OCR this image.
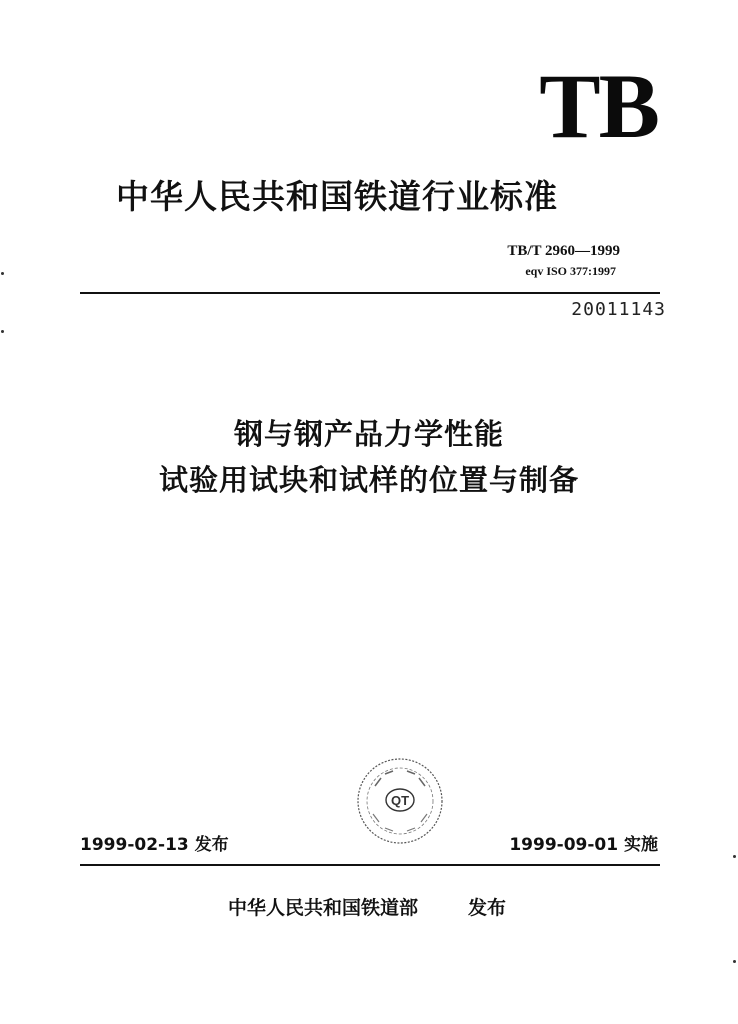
TB
中华人民共和国铁道行业标准
TB/T 2960—1999
eqv ISO 377:1997
20011143
钢与钢产品力学性能
试验用试块和试样的位置与制备
QT
1999-02-13 发布	1999-09-01 实施
中华人民共和国铁道部	发布
